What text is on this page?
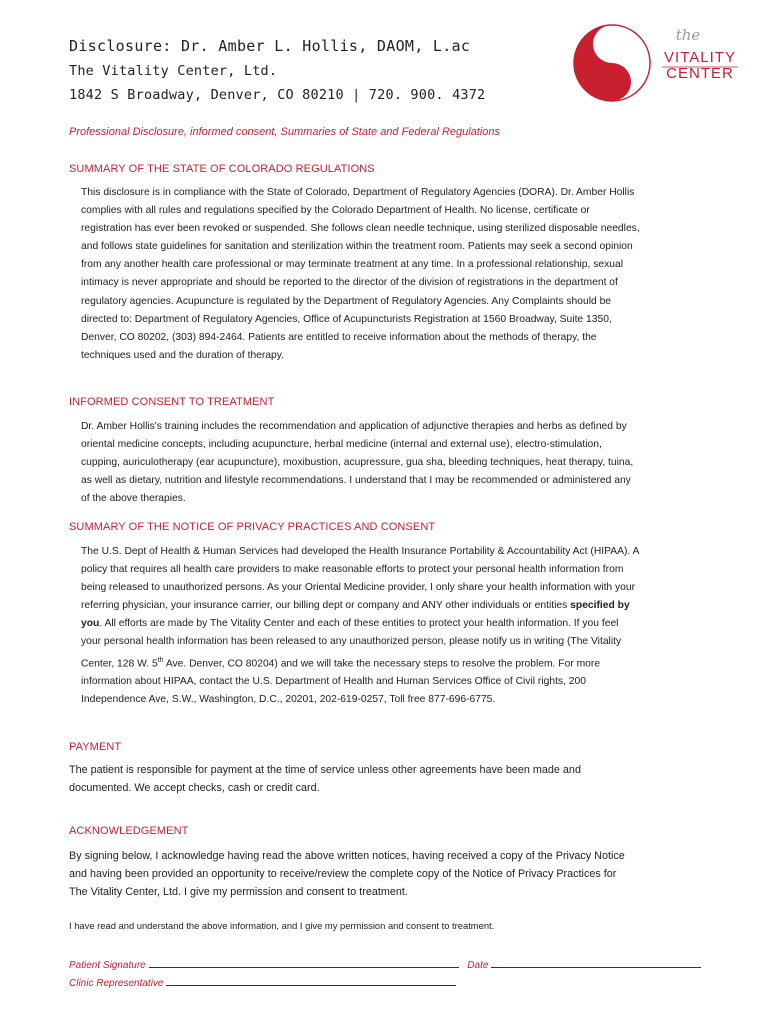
Disclosure: Dr. Amber L. Hollis, DAOM, L.ac
The Vitality Center, Ltd.
1842 S Broadway, Denver, CO 80210 | 720. 900. 4372
the
VITALITY
CENTER
Professional Disclosure, informed consent, Summaries of State and Federal Regulations
SUMMARY OF THE STATE OF COLORADO REGULATIONS
This disclosure is in compliance with the State of Colorado, Department of Regulatory Agencies (DORA). Dr. Amber Hollis complies with all rules and regulations specified by the Colorado Department of Health. No license, certificate or registration has ever been revoked or suspended. She follows clean needle technique, using sterilized disposable needles, and follows state guidelines for sanitation and sterilization within the treatment room. Patients may seek a second opinion from any another health care professional or may terminate treatment at any time. In a professional relationship, sexual intimacy is never appropriate and should be reported to the director of the division of registrations in the department of regulatory agencies. Acupuncture is regulated by the Department of Regulatory Agencies. Any Complaints should be directed to: Department of Regulatory Agencies, Office of Acupuncturists Registration at 1560 Broadway, Suite 1350, Denver, CO 80202, (303) 894-2464. Patients are entitled to receive information about the methods of therapy, the techniques used and the duration of therapy.
INFORMED CONSENT TO TREATMENT
Dr. Amber Hollis's training includes the recommendation and application of adjunctive therapies and herbs as defined by oriental medicine concepts, including acupuncture, herbal medicine (internal and external use), electro-stimulation, cupping, auriculotherapy (ear acupuncture), moxibustion, acupressure, gua sha, bleeding techniques, heat therapy, tuina, as well as dietary, nutrition and lifestyle recommendations. I understand that I may be recommended or administered any of the above therapies.
SUMMARY OF THE NOTICE OF PRIVACY PRACTICES AND CONSENT
The U.S. Dept of Health & Human Services had developed the Health Insurance Portability & Accountability Act (HIPAA). A policy that requires all health care providers to make reasonable efforts to protect your personal health information from being released to unauthorized persons. As your Oriental Medicine provider, I only share your health information with your referring physician, your insurance carrier, our billing dept or company and ANY other individuals or entities specified by you. All efforts are made by The Vitality Center and each of these entities to protect your health information. If you feel your personal health information has been released to any unauthorized person, please notify us in writing (The Vitality Center, 128 W. 5th Ave. Denver, CO 80204) and we will take the necessary steps to resolve the problem. For more information about HIPAA, contact the U.S. Department of Health and Human Services Office of Civil rights, 200 Independence Ave, S.W., Washington, D.C., 20201, 202-619-0257, Toll free 877-696-6775.
PAYMENT
The patient is responsible for payment at the time of service unless other agreements have been made and documented. We accept checks, cash or credit card.
ACKNOWLEDGEMENT
By signing below, I acknowledge having read the above written notices, having received a copy of the Privacy Notice and having been provided an opportunity to receive/review the complete copy of the Notice of Privacy Practices for The Vitality Center, Ltd. I give my permission and consent to treatment.
I have read and understand the above information, and I give my permission and consent to treatment.
Patient Signature	Date
Clinic Representative
